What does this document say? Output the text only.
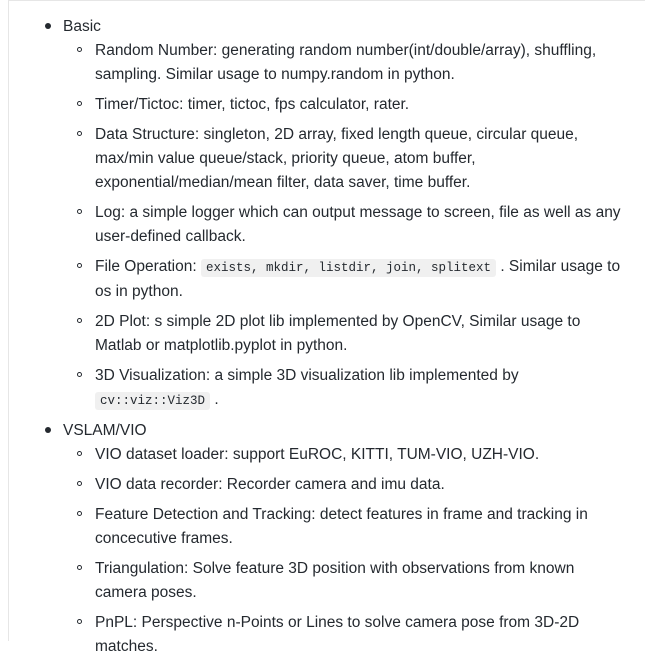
Basic
Random Number: generating random number(int/double/array), shuffling, sampling. Similar usage to numpy.random in python.
Timer/Tictoc: timer, tictoc, fps calculator, rater.
Data Structure: singleton, 2D array, fixed length queue, circular queue, max/min value queue/stack, priority queue, atom buffer, exponential/median/mean filter, data saver, time buffer.
Log: a simple logger which can output message to screen, file as well as any user-defined callback.
File Operation: exists, mkdir, listdir, join, splitext . Similar usage to os in python.
2D Plot: s simple 2D plot lib implemented by OpenCV, Similar usage to Matlab or matplotlib.pyplot in python.
3D Visualization: a simple 3D visualization lib implemented by cv::viz::Viz3D .
VSLAM/VIO
VIO dataset loader: support EuROC, KITTI, TUM-VIO, UZH-VIO.
VIO data recorder: Recorder camera and imu data.
Feature Detection and Tracking: detect features in frame and tracking in concecutive frames.
Triangulation: Solve feature 3D position with observations from known camera poses.
PnPL: Perspective n-Points or Lines to solve camera pose from 3D-2D matches.
